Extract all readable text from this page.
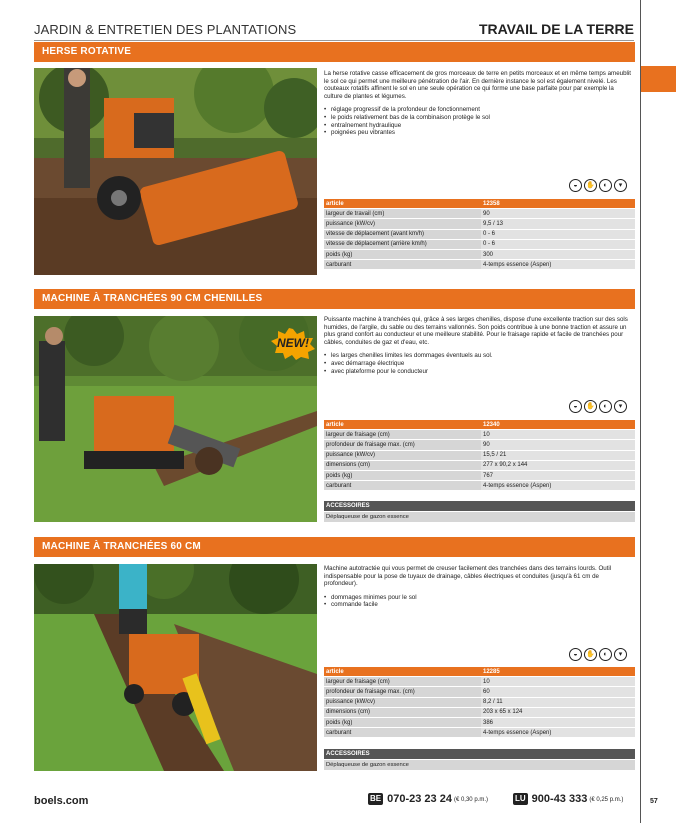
JARDIN & ENTRETIEN DES PLANTATIONS	TRAVAIL DE LA TERRE
HERSE ROTATIVE

La herse rotative casse efficacement de gros morceaux de terre en petits morceaux et en même temps ameublit le sol ce qui permet une meilleure pénétration de l'air. En dernière instance le sol est également nivelé. Les couteaux rotatifs affinent le sol en une seule opération ce qui forme une base parfaite pour par exemple la culture de plantes et légumes.

• réglage progressif de la profondeur de fonctionnement
• le poids relativement bas de la combinaison protège le sol
• entraînement hydraulique
• poignées peu vibrantes
◒	✋	◐	▾
article	12358
largeur de travail (cm)	90
puissance (kW/cv)	9,5 / 13
vitesse de déplacement (avant km/h)	0 - 6
vitesse de déplacement (arrière km/h)	0 - 6
poids (kg)	300
carburant	4-temps essence (Aspen)
MACHINE À TRANCHÉES 90 CM CHENILLES
NEW!

Puissante machine à tranchées qui, grâce à ses larges chenilles, dispose d'une excellente traction sur des sols humides, de l'argile, du sable ou des terrains vallonnés. Son poids contribue à une bonne traction et assure un plus grand confort au conducteur et une meilleure stabilité. Pour le fraisage rapide et facile de tranchées pour câbles, conduites de gaz et d'eau, etc.

• les larges chenilles limites les dommages éventuels au sol.
• avec démarrage électrique
• avec plateforme pour le conducteur
◒	✋	◐	▾
article	12340
largeur de fraisage (cm)	10
profondeur de fraisage max. (cm)	90
puissance (kW/cv)	15,5 / 21
dimensions (cm)	277 x 90,2 x 144
poids (kg)	767
carburant	4-temps essence (Aspen)
ACCESSOIRES
Déplaqueuse de gazon essence
MACHINE À TRANCHÉES 60 CM

Machine autotractée qui vous permet de creuser facilement des tranchées dans des terrains lourds. Outil indispensable pour la pose de tuyaux de drainage, câbles électriques et conduites (jusqu'à 61 cm de profondeur).

• dommages minimes pour le sol
• commande facile
◒	✋	◐	▾
article	12285
largeur de fraisage (cm)	10
profondeur de fraisage max. (cm)	60
puissance (kW/cv)	8,2 / 11
dimensions (cm)	203 x 65 x 124
poids (kg)	386
carburant	4-temps essence (Aspen)
ACCESSOIRES
Déplaqueuse de gazon essence
boels.com	BE 070-23 23 24 (€ 0,30 p.m.)	LU 900-43 333 (€ 0,25 p.m.)	57
